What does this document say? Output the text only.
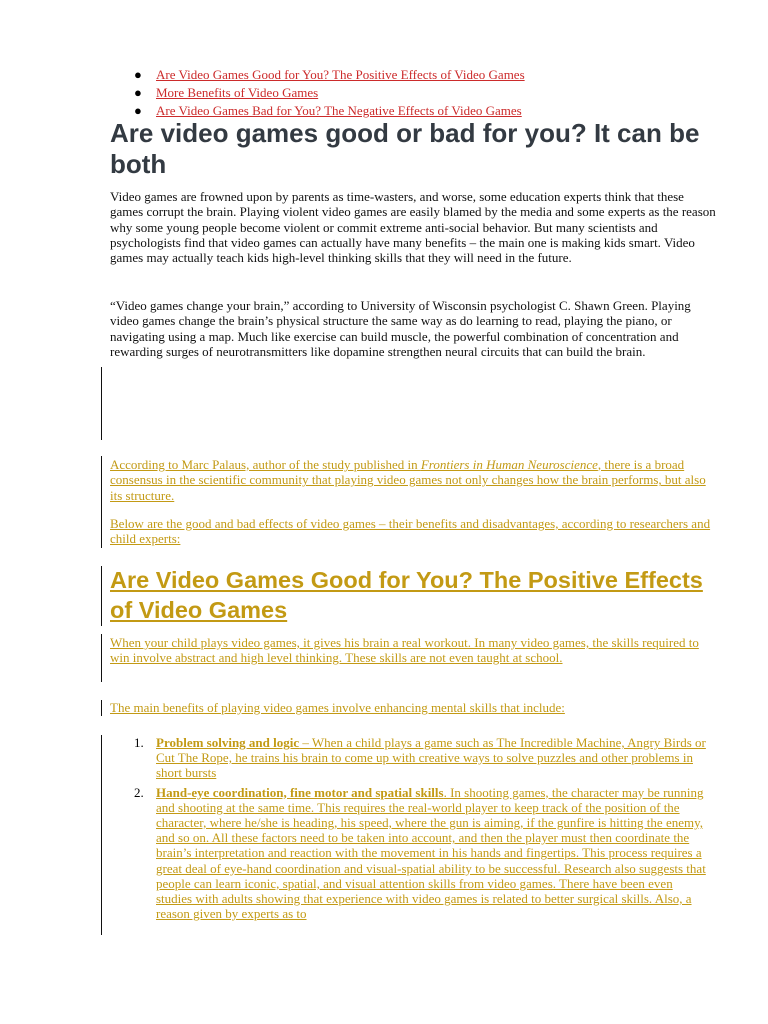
● Are Video Games Good for You? The Positive Effects of Video Games
● More Benefits of Video Games
● Are Video Games Bad for You? The Negative Effects of Video Games
Are video games good or bad for you? It can be both

Video games are frowned upon by parents as time-wasters, and worse, some education experts think that these games corrupt the brain. Playing violent video games are easily blamed by the media and some experts as the reason why some young people become violent or commit extreme anti-social behavior. But many scientists and psychologists find that video games can actually have many benefits – the main one is making kids smart. Video games may actually teach kids high-level thinking skills that they will need in the future.

“Video games change your brain,” according to University of Wisconsin psychologist C. Shawn Green. Playing video games change the brain’s physical structure the same way as do learning to read, playing the piano, or navigating using a map. Much like exercise can build muscle, the powerful combination of concentration and rewarding surges of neurotransmitters like dopamine strengthen neural circuits that can build the brain.

According to Marc Palaus, author of the study published in Frontiers in Human Neuroscience, there is a broad consensus in the scientific community that playing video games not only changes how the brain performs, but also its structure.

Below are the good and bad effects of video games – their benefits and disadvantages, according to researchers and child experts:

Are Video Games Good for You? The Positive Effects of Video Games

When your child plays video games, it gives his brain a real workout. In many video games, the skills required to win involve abstract and high level thinking. These skills are not even taught at school.

The main benefits of playing video games involve enhancing mental skills that include:

1. Problem solving and logic – When a child plays a game such as The Incredible Machine, Angry Birds or Cut The Rope, he trains his brain to come up with creative ways to solve puzzles and other problems in short bursts
2. Hand-eye coordination, fine motor and spatial skills. In shooting games, the character may be running and shooting at the same time. This requires the real-world player to keep track of the position of the character, where he/she is heading, his speed, where the gun is aiming, if the gunfire is hitting the enemy, and so on. All these factors need to be taken into account, and then the player must then coordinate the brain’s interpretation and reaction with the movement in his hands and fingertips. This process requires a great deal of eye-hand coordination and visual-spatial ability to be successful. Research also suggests that people can learn iconic, spatial, and visual attention skills from video games. There have been even studies with adults showing that experience with video games is related to better surgical skills. Also, a reason given by experts as to
